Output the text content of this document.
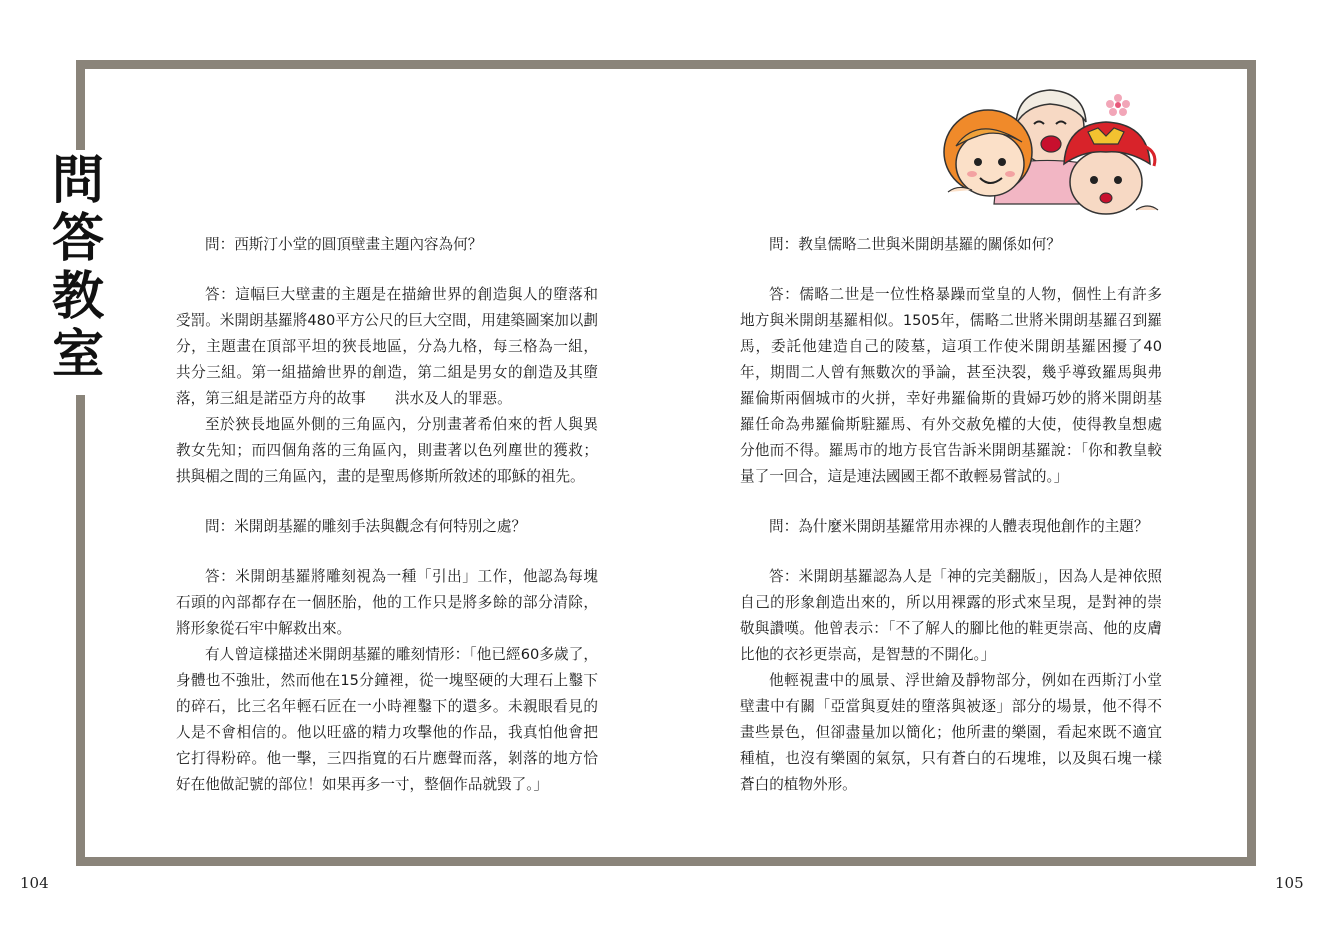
問
答
教
室

問：西斯汀小堂的圓頂壁畫主題內容為何？

答：這幅巨大壁畫的主題是在描繪世界的創造與人的墮落和受罰。米開朗基羅將480平方公尺的巨大空間，用建築圖案加以劃分，主題畫在頂部平坦的狹長地區，分為九格，每三格為一組，共分三組。第一組描繪世界的創造，第二組是男女的創造及其墮落，第三組是諾亞方舟的故事　　洪水及人的罪惡。

至於狹長地區外側的三角區內，分別畫著希伯來的哲人與異教女先知；而四個角落的三角區內，則畫著以色列塵世的獲救；拱與楣之間的三角區內，畫的是聖馬修斯所敘述的耶穌的祖先。

問：米開朗基羅的雕刻手法與觀念有何特別之處？

答：米開朗基羅將雕刻視為一種「引出」工作，他認為每塊石頭的內部都存在一個胚胎，他的工作只是將多餘的部分清除，將形象從石牢中解救出來。

有人曾這樣描述米開朗基羅的雕刻情形：「他已經60多歲了，身體也不強壯，然而他在15分鐘裡，從一塊堅硬的大理石上鑿下的碎石，比三名年輕石匠在一小時裡鑿下的還多。未親眼看見的人是不會相信的。他以旺盛的精力攻擊他的作品，我真怕他會把它打得粉碎。他一擊，三四指寬的石片應聲而落，剝落的地方恰好在他做記號的部位！如果再多一寸，整個作品就毀了。」

問：教皇儒略二世與米開朗基羅的關係如何？

答：儒略二世是一位性格暴躁而堂皇的人物，個性上有許多地方與米開朗基羅相似。1505年，儒略二世將米開朗基羅召到羅馬，委託他建造自己的陵墓，這項工作使米開朗基羅困擾了40年，期間二人曾有無數次的爭論，甚至決裂，幾乎導致羅馬與弗羅倫斯兩個城市的火拼，幸好弗羅倫斯的貴婦巧妙的將米開朗基羅任命為弗羅倫斯駐羅馬、有外交赦免權的大使，使得教皇想處分他而不得。羅馬市的地方長官告訴米開朗基羅說：「你和教皇較量了一回合，這是連法國國王都不敢輕易嘗試的。」

問：為什麼米開朗基羅常用赤裸的人體表現他創作的主題？

答：米開朗基羅認為人是「神的完美翻版」，因為人是神依照自己的形象創造出來的，所以用裸露的形式來呈現，是對神的崇敬與讚嘆。他曾表示：「不了解人的腳比他的鞋更崇高、他的皮膚比他的衣衫更崇高，是智慧的不開化。」

他輕視畫中的風景、浮世繪及靜物部分，例如在西斯汀小堂壁畫中有關「亞當與夏娃的墮落與被逐」部分的場景，他不得不畫些景色，但卻盡量加以簡化；他所畫的樂園，看起來既不適宜種植，也沒有樂園的氣氛，只有蒼白的石塊堆，以及與石塊一樣蒼白的植物外形。

104	105
